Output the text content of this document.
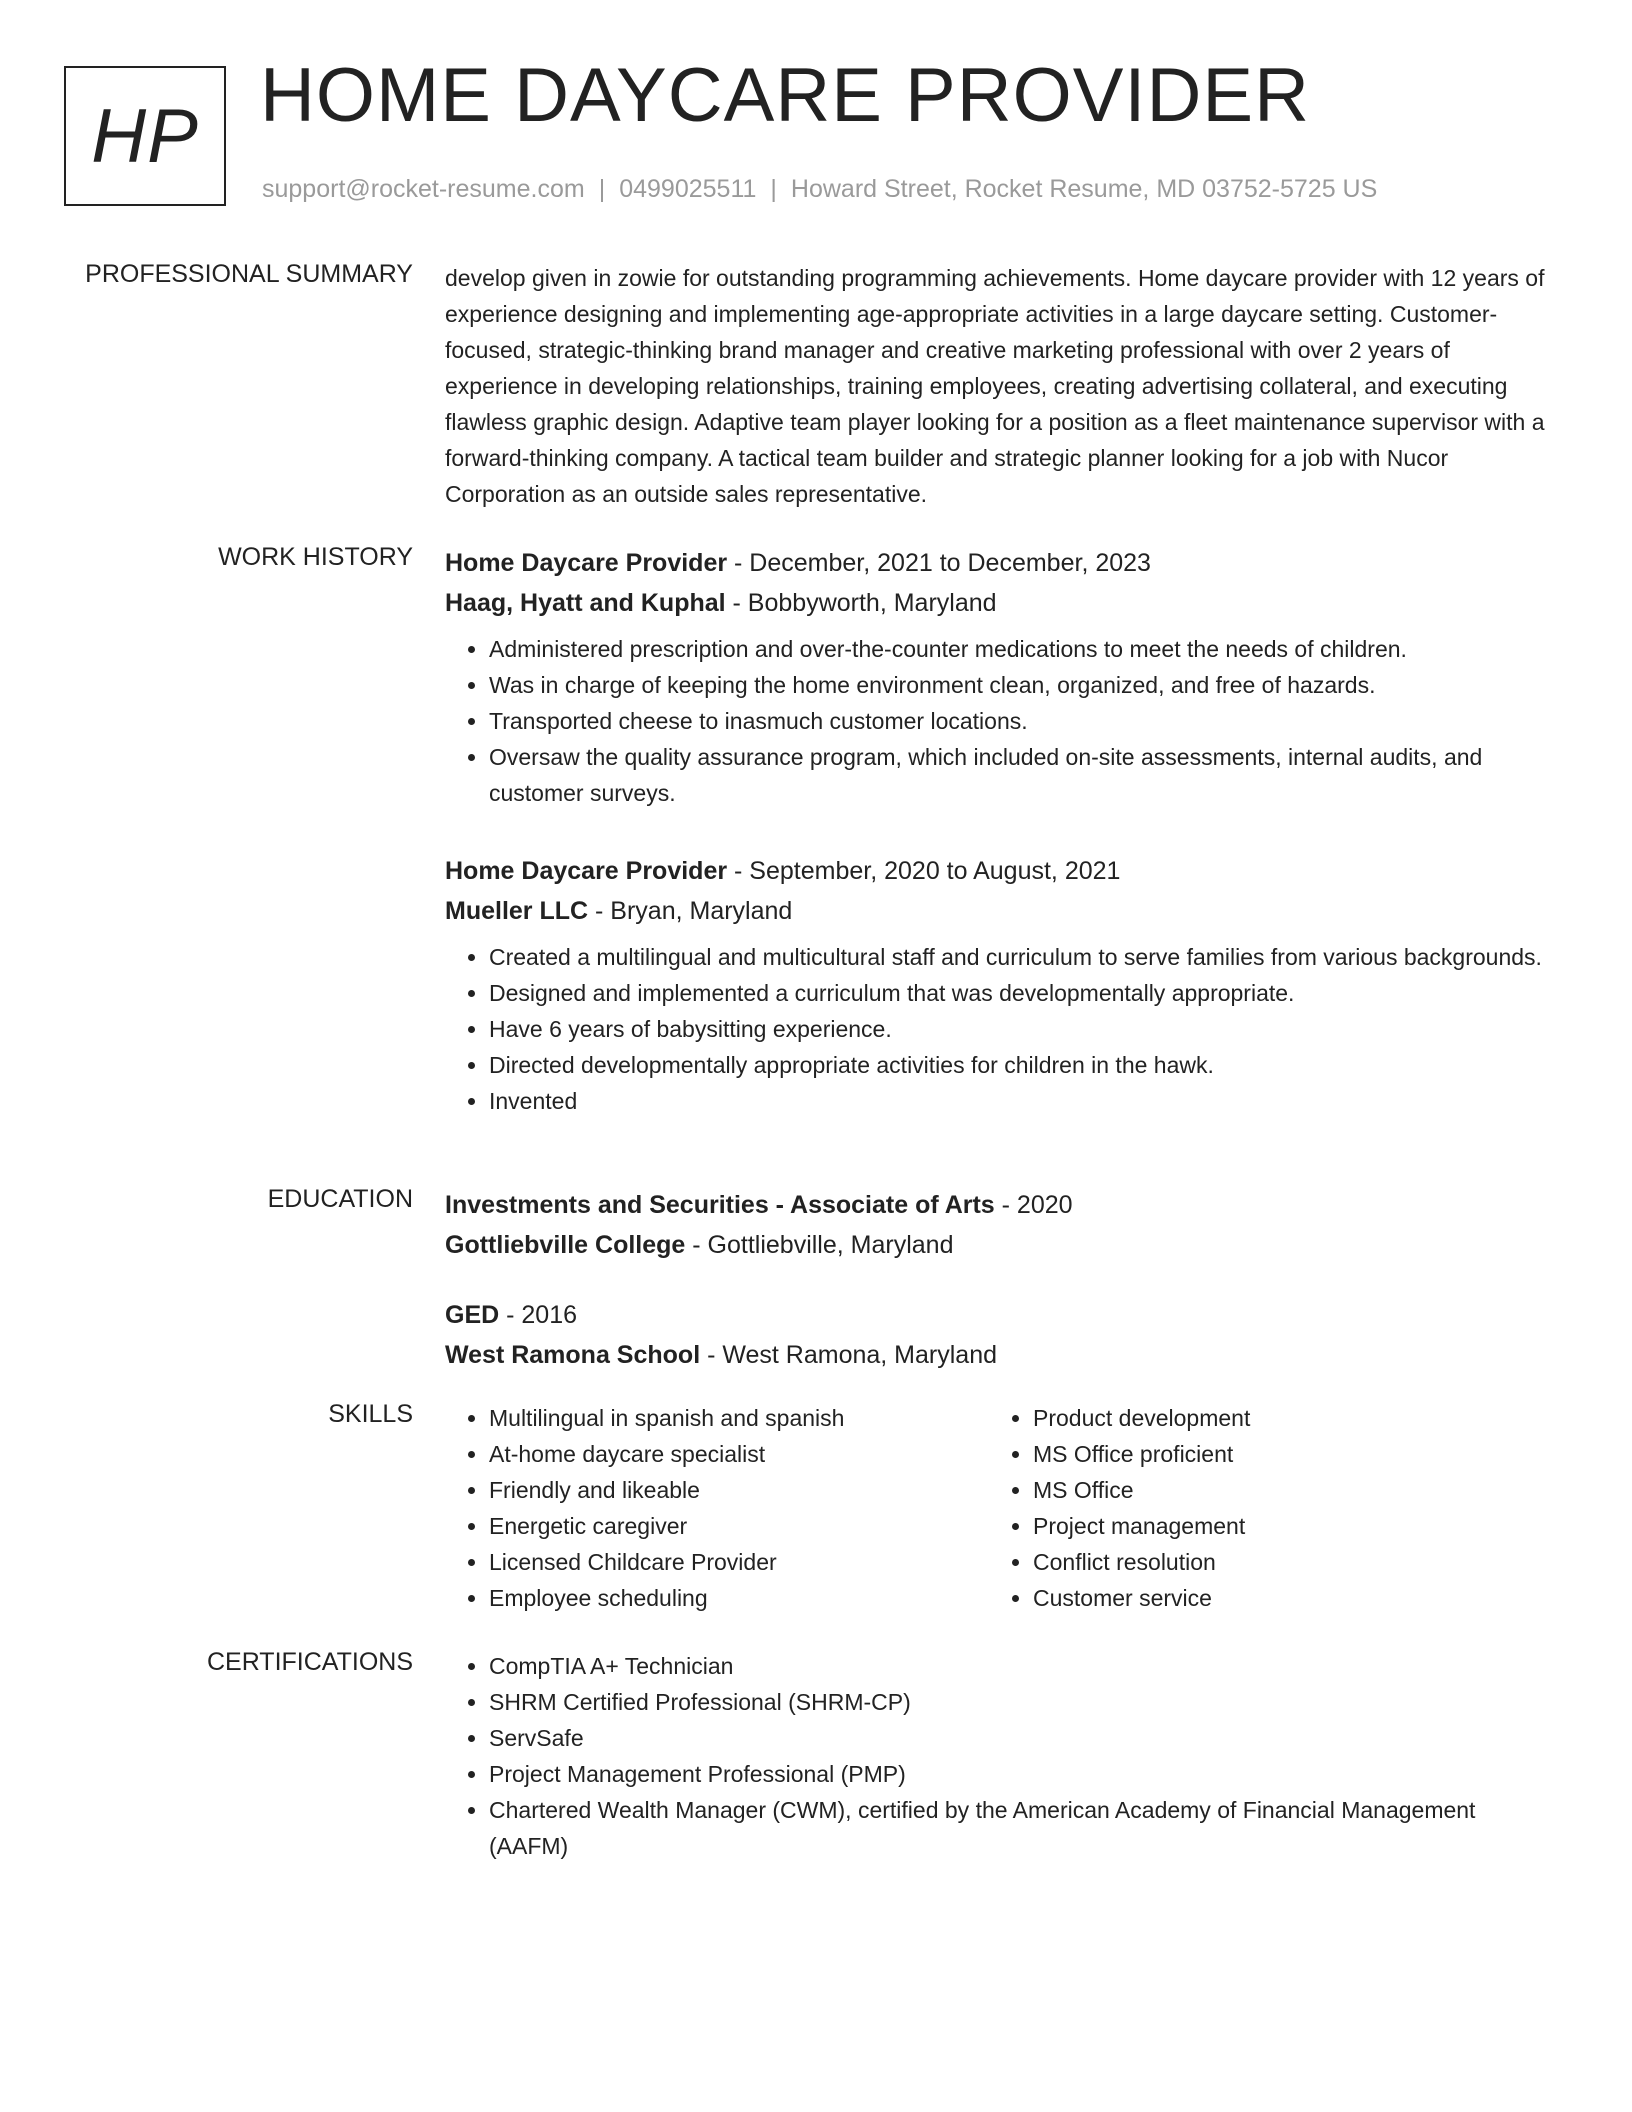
HP HOME DAYCARE PROVIDER
support@rocket-resume.com | 0499025511 | Howard Street, Rocket Resume, MD 03752-5725 US
PROFESSIONAL SUMMARY develop given in zowie for outstanding programming achievements. Home daycare provider with 12 years of experience designing and implementing age-appropriate activities in a large daycare setting. Customer-focused, strategic-thinking brand manager and creative marketing professional with over 2 years of experience in developing relationships, training employees, creating advertising collateral, and executing flawless graphic design. Adaptive team player looking for a position as a fleet maintenance supervisor with a forward-thinking company. A tactical team builder and strategic planner looking for a job with Nucor Corporation as an outside sales representative.

WORK HISTORY Home Daycare Provider - December, 2021 to December, 2023
Haag, Hyatt and Kuphal - Bobbyworth, Maryland
• Administered prescription and over-the-counter medications to meet the needs of children.
• Was in charge of keeping the home environment clean, organized, and free of hazards.
• Transported cheese to inasmuch customer locations.
• Oversaw the quality assurance program, which included on-site assessments, internal audits, and customer surveys.
Home Daycare Provider - September, 2020 to August, 2021
Mueller LLC - Bryan, Maryland
• Created a multilingual and multicultural staff and curriculum to serve families from various backgrounds.
• Designed and implemented a curriculum that was developmentally appropriate.
• Have 6 years of babysitting experience.
• Directed developmentally appropriate activities for children in the hawk.
• Invented
EDUCATION Investments and Securities - Associate of Arts - 2020
Gottliebville College - Gottliebville, Maryland
GED - 2016
West Ramona School - West Ramona, Maryland
SKILLS	• Multilingual in spanish and spanish
• At-home daycare specialist
• Friendly and likeable
• Energetic caregiver
• Licensed Childcare Provider
• Employee scheduling
• Product development
• MS Office proficient
• MS Office
• Project management
• Conflict resolution
• Customer service
CERTIFICATIONS	• CompTIA A+ Technician
• SHRM Certified Professional (SHRM-CP)
• ServSafe
• Project Management Professional (PMP)
• Chartered Wealth Manager (CWM), certified by the American Academy of Financial Management (AAFM)
